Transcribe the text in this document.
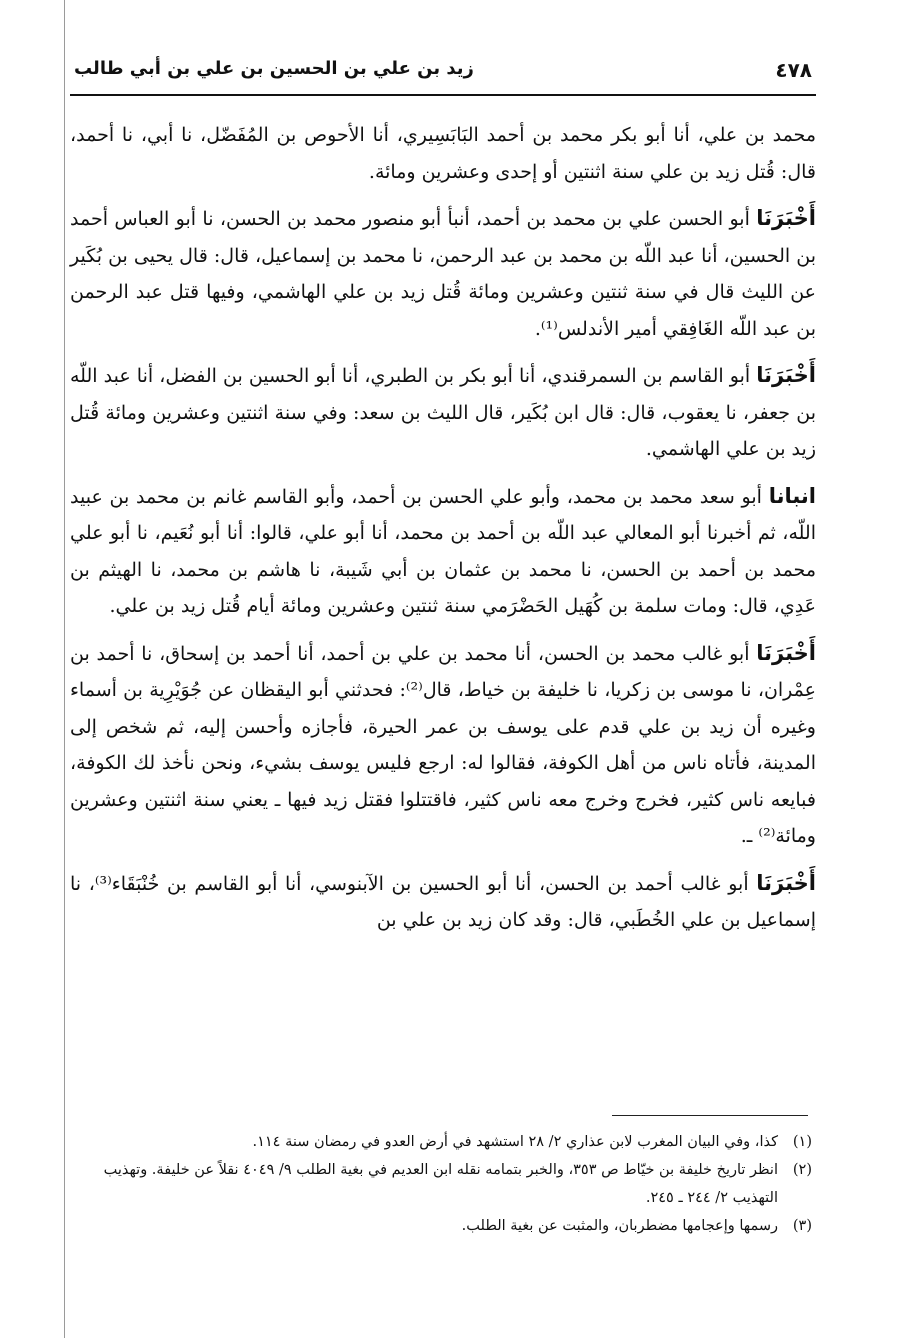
٤٧٨
زيد بن علي بن الحسين بن علي بن أبي طالب

محمد بن علي، أنا أبو بكر محمد بن أحمد البَابَسِيري، أنا الأحوص بن المُفَضّل، نا أبي، نا أحمد، قال: قُتل زيد بن علي سنة اثنتين أو إحدى وعشرين ومائة.

أَخْبَرَنَا أبو الحسن علي بن محمد بن أحمد، أنبأ أبو منصور محمد بن الحسن، نا أبو العباس أحمد بن الحسين، أنا عبد اللّه بن محمد بن عبد الرحمن، نا محمد بن إسماعيل، قال: قال يحيى بن بُكَير عن الليث قال في سنة ثنتين وعشرين ومائة قُتل زيد بن علي الهاشمي، وفيها قتل عبد الرحمن بن عبد اللّه الغَافِقي أمير الأندلس⁽¹⁾.

أَخْبَرَنَا أبو القاسم بن السمرقندي، أنا أبو بكر بن الطبري، أنا أبو الحسين بن الفضل، أنا عبد اللّه بن جعفر، نا يعقوب، قال: قال ابن بُكَير، قال الليث بن سعد: وفي سنة اثنتين وعشرين ومائة قُتل زيد بن علي الهاشمي.

انبانا أبو سعد محمد بن محمد، وأبو علي الحسن بن أحمد، وأبو القاسم غانم بن محمد بن عبيد اللّه، ثم أخبرنا أبو المعالي عبد اللّه بن أحمد بن محمد، أنا أبو علي، قالوا: أنا أبو نُعَيم، نا أبو علي محمد بن أحمد بن الحسن، نا محمد بن عثمان بن أبي شَيبة، نا هاشم بن محمد، نا الهيثم بن عَدِي، قال: ومات سلمة بن كُهَيل الحَضْرَمي سنة ثنتين وعشرين ومائة أيام قُتل زيد بن علي.

أَخْبَرَنَا أبو غالب محمد بن الحسن، أنا محمد بن علي بن أحمد، أنا أحمد بن إسحاق، نا أحمد بن عِمْران، نا موسى بن زكريا، نا خليفة بن خياط، قال⁽²⁾: فحدثني أبو اليقظان عن جُوَيْرِية بن أسماء وغيره أن زيد بن علي قدم على يوسف بن عمر الحيرة، فأجازه وأحسن إليه، ثم شخص إلى المدينة، فأتاه ناس من أهل الكوفة، فقالوا له: ارجع فليس يوسف بشيء، ونحن نأخذ لك الكوفة، فبايعه ناس كثير، فخرج وخرج معه ناس كثير، فاقتتلوا فقتل زيد فيها ـ يعني سنة اثنتين وعشرين ومائة⁽²⁾ ـ.

أَخْبَرَنَا أبو غالب أحمد بن الحسن، أنا أبو الحسين بن الآبنوسي، أنا أبو القاسم بن خُنْبَقَاء⁽³⁾، نا إسماعيل بن علي الخُطَبي، قال: وقد كان زيد بن علي بن

(١)
كذا، وفي البيان المغرب لابن عذاري ٢/ ٢٨ استشهد في أرض العدو في رمضان سنة ١١٤.

(٢)
انظر تاريخ خليفة بن خيّاط ص ٣٥٣، والخبر بتمامه نقله ابن العديم في بغية الطلب ٩/ ٤٠٤٩ نقلاً عن خليفة. وتهذيب التهذيب ٢/ ٢٤٤ ـ ٢٤٥.

(٣)
رسمها وإعجامها مضطربان، والمثبت عن بغية الطلب.
